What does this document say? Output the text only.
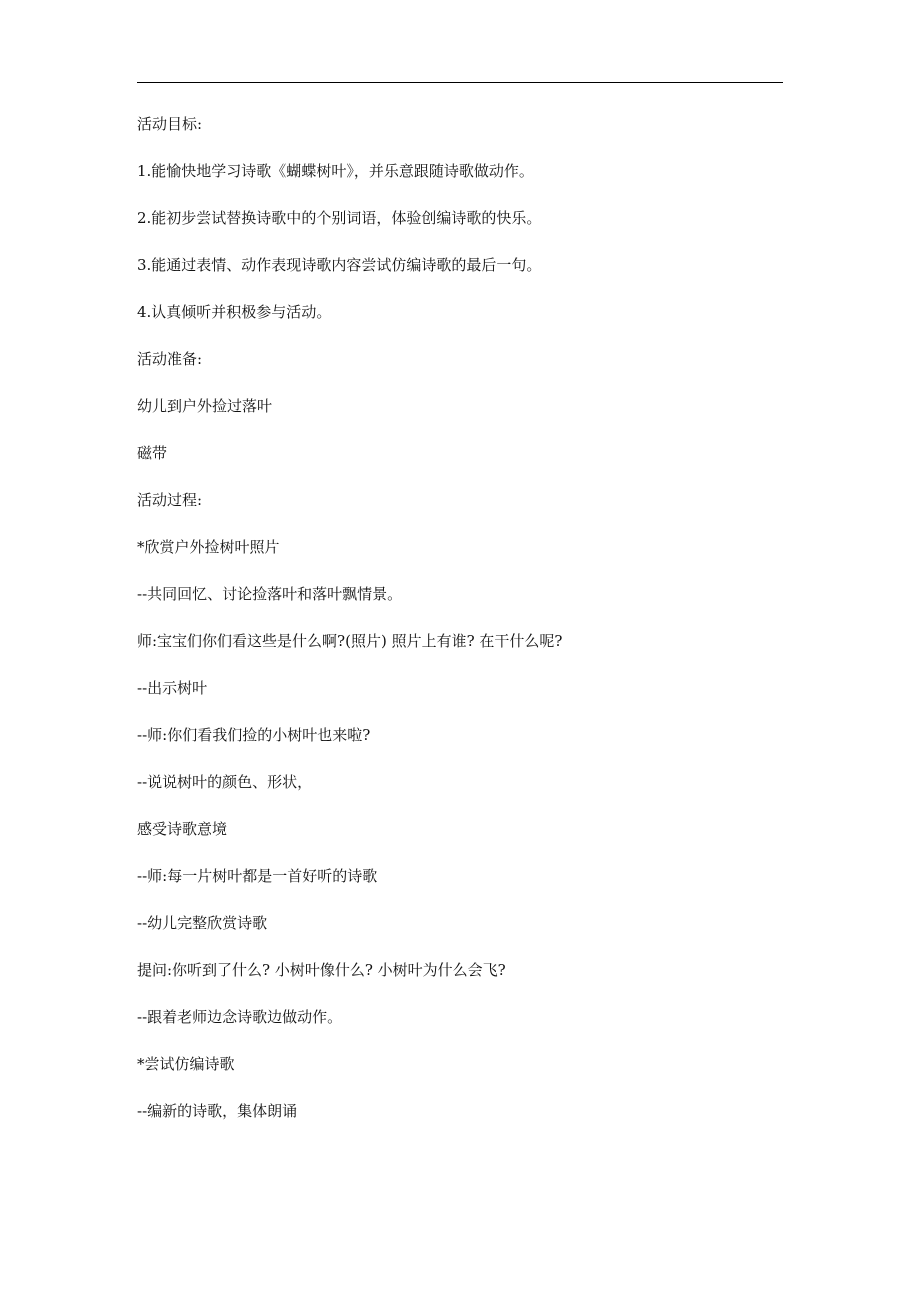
活动目标:
1.能愉快地学习诗歌《蝴蝶树叶》，并乐意跟随诗歌做动作。
2.能初步尝试替换诗歌中的个别词语，体验创编诗歌的快乐。
3.能通过表情、动作表现诗歌内容尝试仿编诗歌的最后一句。
4.认真倾听并积极参与活动。
活动准备:
幼儿到户外捡过落叶
磁带
活动过程:
*欣赏户外捡树叶照片
--共同回忆、讨论捡落叶和落叶飘情景。
师:宝宝们你们看这些是什么啊?(照片) 照片上有谁? 在干什么呢?
--出示树叶
--师:你们看我们捡的小树叶也来啦?
--说说树叶的颜色、形状，
感受诗歌意境
--师:每一片树叶都是一首好听的诗歌
--幼儿完整欣赏诗歌
提问:你听到了什么? 小树叶像什么? 小树叶为什么会飞?
--跟着老师边念诗歌边做动作。
*尝试仿编诗歌
--编新的诗歌，集体朗诵
